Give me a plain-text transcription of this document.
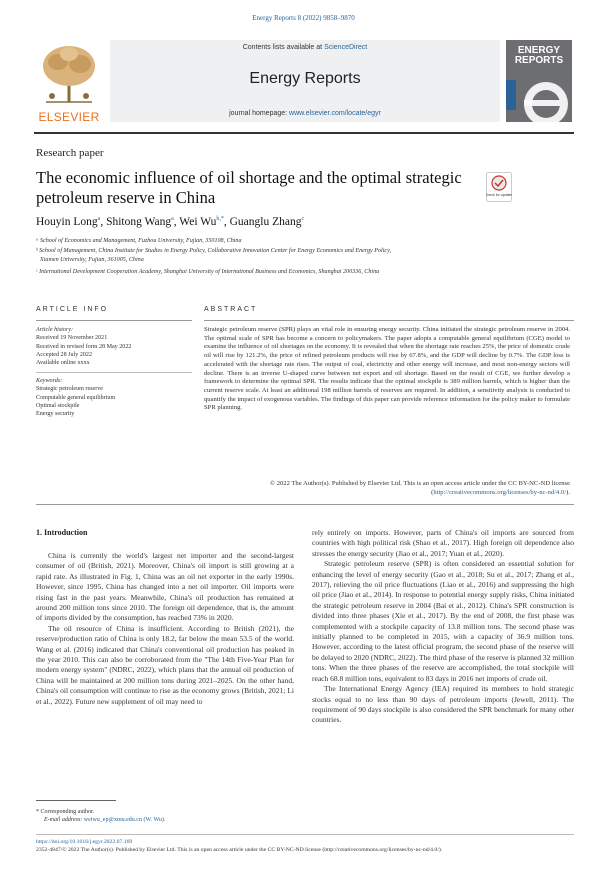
Energy Reports 8 (2022) 9858–9870
ELSEVIER
Contents lists available at ScienceDirect
Energy Reports
journal homepage: www.elsevier.com/locate/egyr
ENERGY
REPORTS
Research paper
The economic influence of oil shortage and the optimal strategic petroleum reserve in China	Check for updates
Houyin Long$^a$, Shitong Wang$^a$, Wei $Wu^{b,*}$, Guanglu Zhang$^c$
ᵃ School of Economics and Management, Fuzhou University, Fujian, 350108, China
ᵇ School of Management, China Institute for Studies in Energy Policy, Collaborative Innovation Center for Energy Economics and Energy Policy,
Xiamen University, Fujian, 361005, China
ᶜ International Development Cooperation Academy, Shanghai University of International Business and Economics, Shanghai 200336, China
ARTICLE INFO
Article history:
Received 19 November 2021
Received in revised form 28 May 2022
Accepted 28 July 2022
Available online xxxx
Keywords:
Strategic petroleum reserve
Computable general equilibrium
Optimal stockpile
Energy security
ABSTRACT
Strategic petroleum reserve (SPR) plays an vital role in ensuring energy security. China initiated the strategic petroleum reserve in 2004. The optimal scale of SPR has become a concern to policymakers. The paper adopts a computable general equilibrium (CGE) model to examine the influence of oil shortages on the economy. It is revealed that when the shortage rate reaches 25%, the price of domestic crude oil will rise by 121.2%, the price of refined petroleum products will rise by 67.8%, and the GDP will decline by 0.7%. The GDP loss is accelerated with the shortage rate rises. The output of coal, electricity and other energy will increase, and most non-energy sectors will decline. There is an inverse U-shaped curve between net export and oil shortage. Based on the result of CGE, we further develop a framework to determine the optimal SPR. The results indicate that the optimal stockpile is 389 million barrels, which is higher than the current reserve scale. At least an additional 198 million barrels of reserves are required. In addition, a sensitivity analysis is conducted to quantify the impact of exogenous variables. The findings of this paper can provide reference information for the policy maker to formulate SPR planning.
© 2022 The Author(s). Published by Elsevier Ltd. This is an open access article under the CC BY-NC-ND license (http://creativecommons.org/licenses/by-nc-nd/4.0/).
1. Introduction

China is currently the world's largest net importer and the second-largest consumer of oil (British, 2021). Moreover, China's oil import is still growing at a rapid rate. As illustrated in Fig. 1, China was an oil net exporter in the early 1990s. However, since 1995, China has changed into a net oil importer. Oil imports were rising fast in the past years. Meanwhile, China's oil production has remained at around 200 million tons since 2010. The foreign oil dependence, that is, the amount of imports divided by the consumption, has reached 73% in 2020.

The oil resource of China is insufficient. According to British (2021), the reserve/production ratio of China is only 18.2, far below the mean 53.5 of the world. Wang et al. (2016) indicated that China's conventional oil production has peaked in the year 2010. This can also be corroborated from the "The 14th Five-Year Plan for modern energy system" (NDRC, 2022), which plans that the annual oil production of China will be maintained at 200 million tons during 2021–2025. On the other hand, China's oil consumption will continue to rise as the economy grows (British, 2021; Li et al., 2022). Future new supplement of oil may need to

rely entirely on imports. However, parts of China's oil imports are sourced from countries with high political risk (Shao et al., 2017). High foreign oil dependence also stresses the energy security (Jiao et al., 2017; Yuan et al., 2020).

Strategic petroleum reserve (SPR) is often considered an essential solution for enhancing the level of energy security (Gao et al., 2018; Su et al., 2017; Zhang et al., 2017), relieving the oil price fluctuations (Liao et al., 2016) and suppressing the high oil price (Jiao et al., 2014). In response to potential energy supply risks, China initiated the strategic petroleum reserve in 2004 (Bai et al., 2012). China's SPR construction is divided into three phases (Xie et al., 2017). By the end of 2008, the first phase was complemented with a stockpile capacity of 13.8 million tons. The second phase was initially planned to be completed in 2015, with a capacity of 36.9 million tons. However, according to the latest official program, the second phase of the reserve will be delayed to 2020 (NDRC, 2022). The third phase of the reserve is planned 32 million tons. When the three phases of the reserve are accomplished, the total stockpile will reach 68.8 million tons, equivalent to 83 days in 2016 net imports of crude oil.

The International Energy Agency (IEA) required its members to hold strategic stocks equal to no less than 90 days of petroleum imports (Jewell, 2011). The requirement of 90 days stockpile is also considered the SPR benchmark for many other countries.

* Corresponding author.
E-mail address: weiwu_ep@xmu.edu.cn (W. Wu).
https://doi.org/10.1016/j.egyr.2022.07.169
2352-4847/© 2022 The Author(s). Published by Elsevier Ltd. This is an open access article under the CC BY-NC-ND license (http://creativecommons.org/licenses/by-nc-nd/4.0/).
